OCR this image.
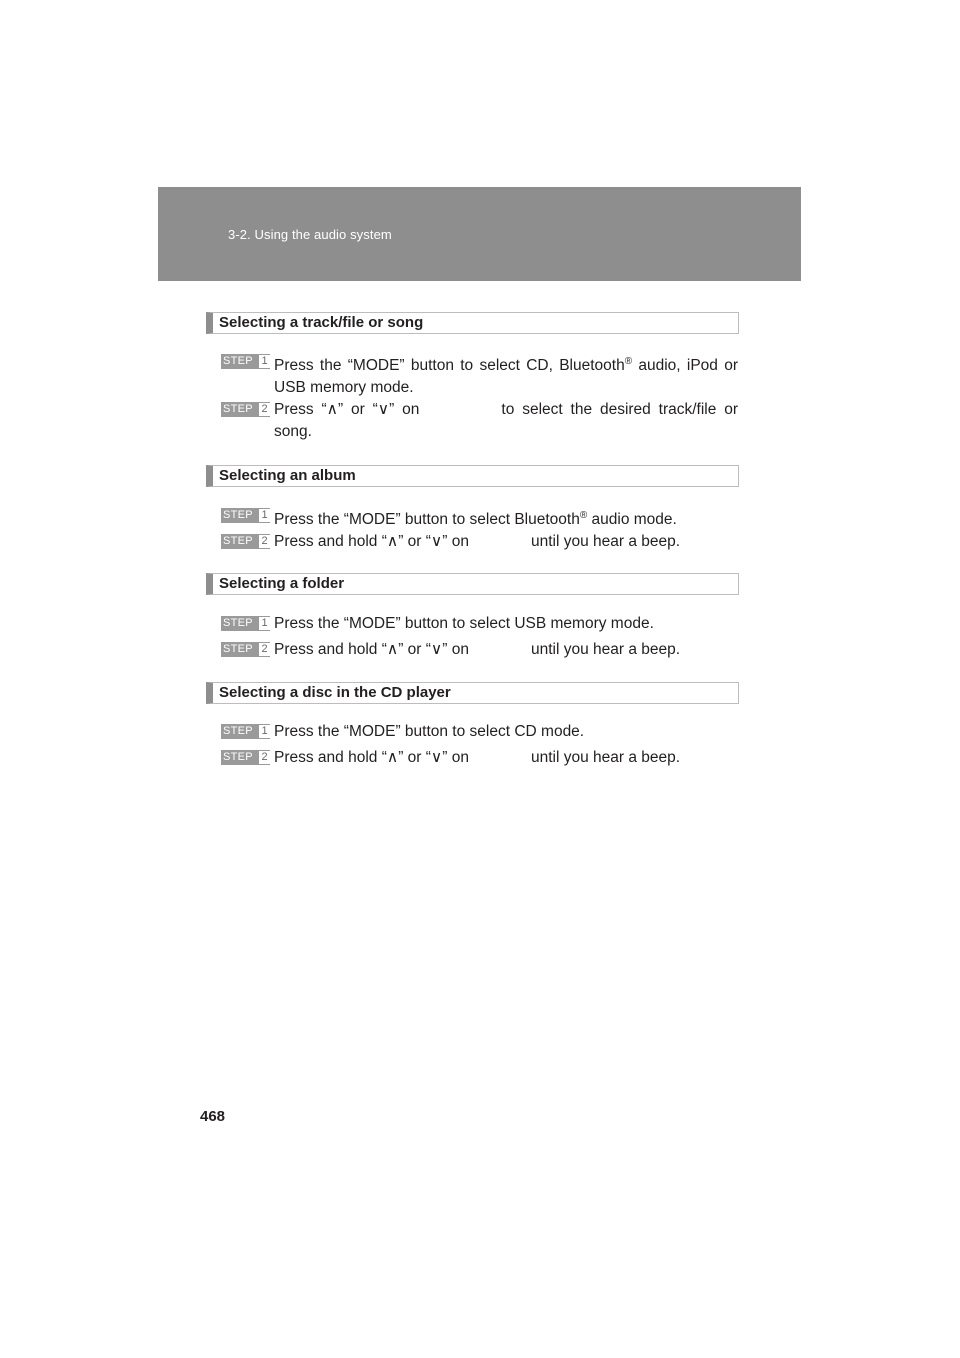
3-2. Using the audio system
Selecting a track/file or song
STEP 1 Press the “MODE” button to select CD, Bluetooth® audio, iPod or USB memory mode.
STEP 2 Press “∧” or “∨” on	to select the desired track/file or song.
Selecting an album
STEP 1 Press the “MODE” button to select Bluetooth® audio mode.
STEP 2 Press and hold “∧” or “∨” on	until you hear a beep.
Selecting a folder
STEP 1 Press the “MODE” button to select USB memory mode.
STEP 2 Press and hold “∧” or “∨” on	until you hear a beep.
Selecting a disc in the CD player
STEP 1 Press the “MODE” button to select CD mode.
STEP 2 Press and hold “∧” or “∨” on	until you hear a beep.
468
